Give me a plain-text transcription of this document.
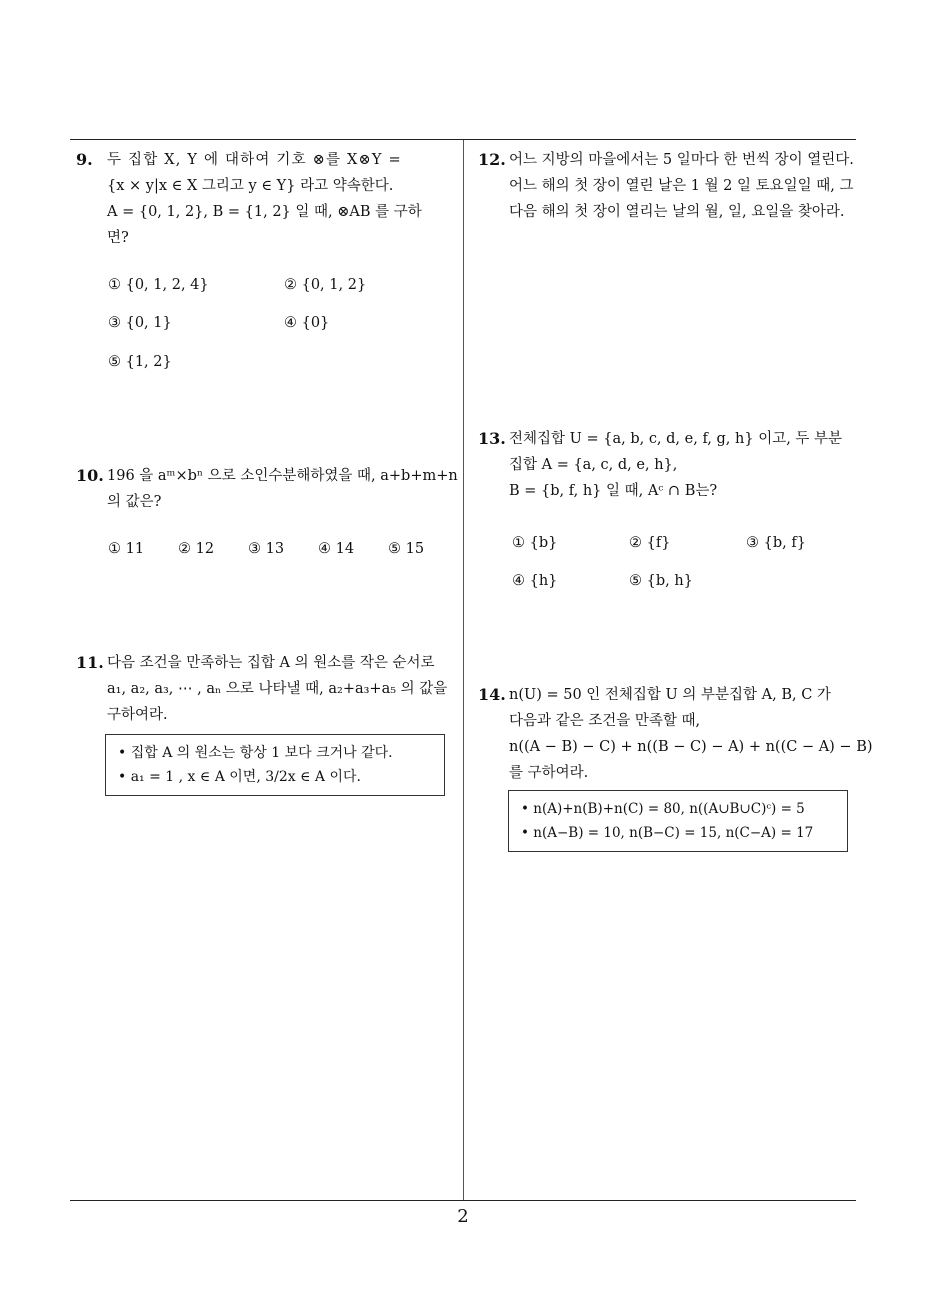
9. 두 집합 X, Y 에 대하여 기호 ⊗를 X⊗Y =
{x × y|x ∈ X 그리고 y ∈ Y} 라고 약속한다.
A = {0, 1, 2}, B = {1, 2} 일 때, ⊗AB 를 구하
면?
① {0, 1, 2, 4}	② {0, 1, 2}
③ {0, 1}	④ {0}
⑤ {1, 2}
10. 196 을 aᵐ×bⁿ 으로 소인수분해하였을 때, a+b+m+n
의 값은?
① 11 ② 12 ③ 13 ④ 14 ⑤ 15
11. 다음 조건을 만족하는 집합 A 의 원소를 작은 순서로
a₁, a₂, a₃, ⋯ , aₙ 으로 나타낼 때, a₂+a₃+a₅ 의 값을
구하여라.
• 집합 A 의 원소는 항상 1 보다 크거나 같다.
• a₁ = 1 , x ∈ A 이면, 3/2x ∈ A 이다.
12. 어느 지방의 마을에서는 5 일마다 한 번씩 장이 열린다.
어느 해의 첫 장이 열린 날은 1 월 2 일 토요일일 때, 그
다음 해의 첫 장이 열리는 날의 월, 일, 요일을 찾아라.
13. 전체집합 U = {a, b, c, d, e, f, g, h} 이고, 두 부분
집합 A = {a, c, d, e, h},
B = {b, f, h} 일 때, Aᶜ ∩ B는?
① {b}	② {f}	③ {b, f}
④ {h}	⑤ {b, h}
14. n(U) = 50 인 전체집합 U 의 부분집합 A, B, C 가
다음과 같은 조건을 만족할 때,
n((A − B) − C) + n((B − C) − A) + n((C − A) − B)
를 구하여라.
• n(A)+n(B)+n(C) = 80, n((A∪B∪C)ᶜ) = 5
• n(A−B) = 10, n(B−C) = 15, n(C−A) = 17
2
